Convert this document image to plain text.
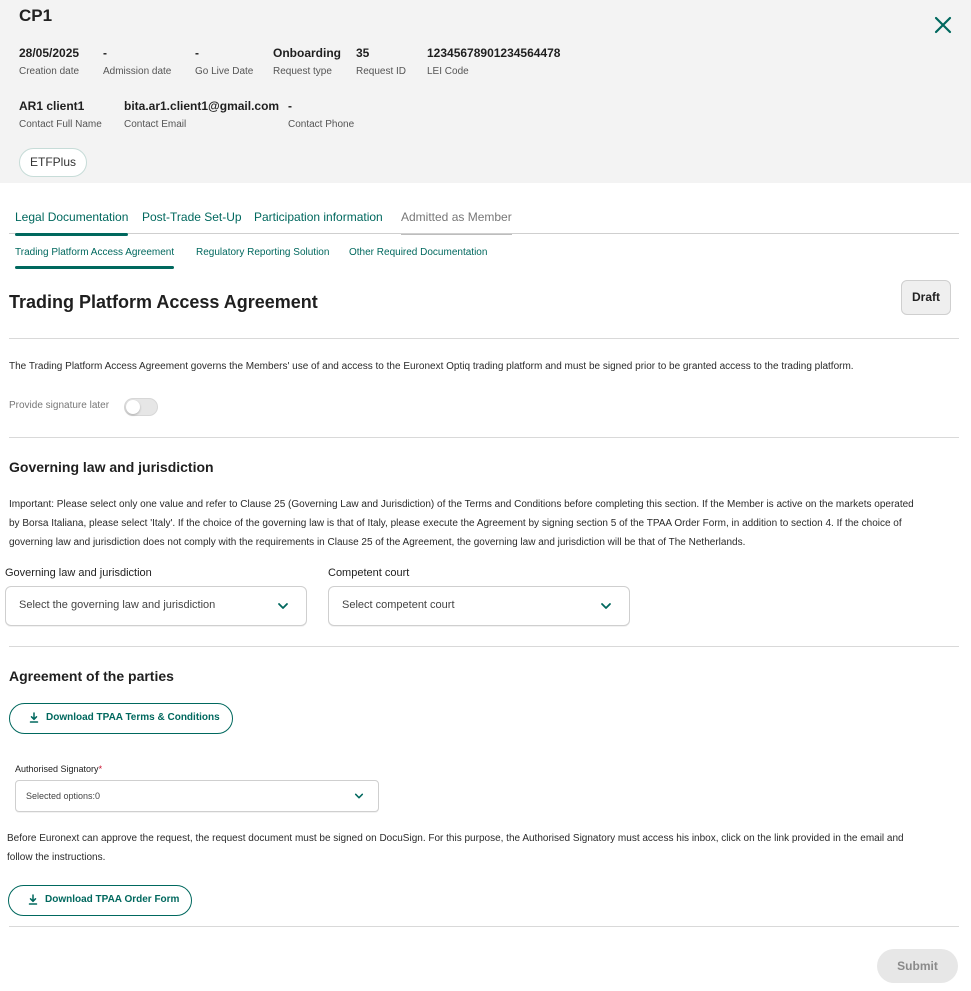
CP1
28/05/2025
Creation date
-
Admission date
-
Go Live Date
Onboarding
Request type
35
Request ID
12345678901234564478
LEI Code
AR1 client1
Contact Full Name
bita.ar1.client1@gmail.com
Contact Email
-
Contact Phone
ETFPlus
Legal Documentation Post-Trade Set-Up Participation information Admitted as Member
Trading Platform Access Agreement Regulatory Reporting Solution Other Required Documentation
Trading Platform Access Agreement	Draft
The Trading Platform Access Agreement governs the Members' use of and access to the Euronext Optiq trading platform and must be signed prior to be granted access to the trading platform.
Provide signature later
Governing law and jurisdiction
Important: Please select only one value and refer to Clause 25 (Governing Law and Jurisdiction) of the Terms and Conditions before completing this section. If the Member is active on the markets operated
by Borsa Italiana, please select 'Italy'. If the choice of the governing law is that of Italy, please execute the Agreement by signing section 5 of the TPAA Order Form, in addition to section 4. If the choice of
governing law and jurisdiction does not comply with the requirements in Clause 25 of the Agreement, the governing law and jurisdiction will be that of The Netherlands.
Governing law and jurisdiction
Select the governing law and jurisdiction
Competent court
Select competent court
Agreement of the parties
Download TPAA Terms & Conditions
Authorised Signatory*
Selected options:0
Before Euronext can approve the request, the request document must be signed on DocuSign. For this purpose, the Authorised Signatory must access his inbox, click on the link provided in the email and
follow the instructions.
Download TPAA Order Form
Submit
